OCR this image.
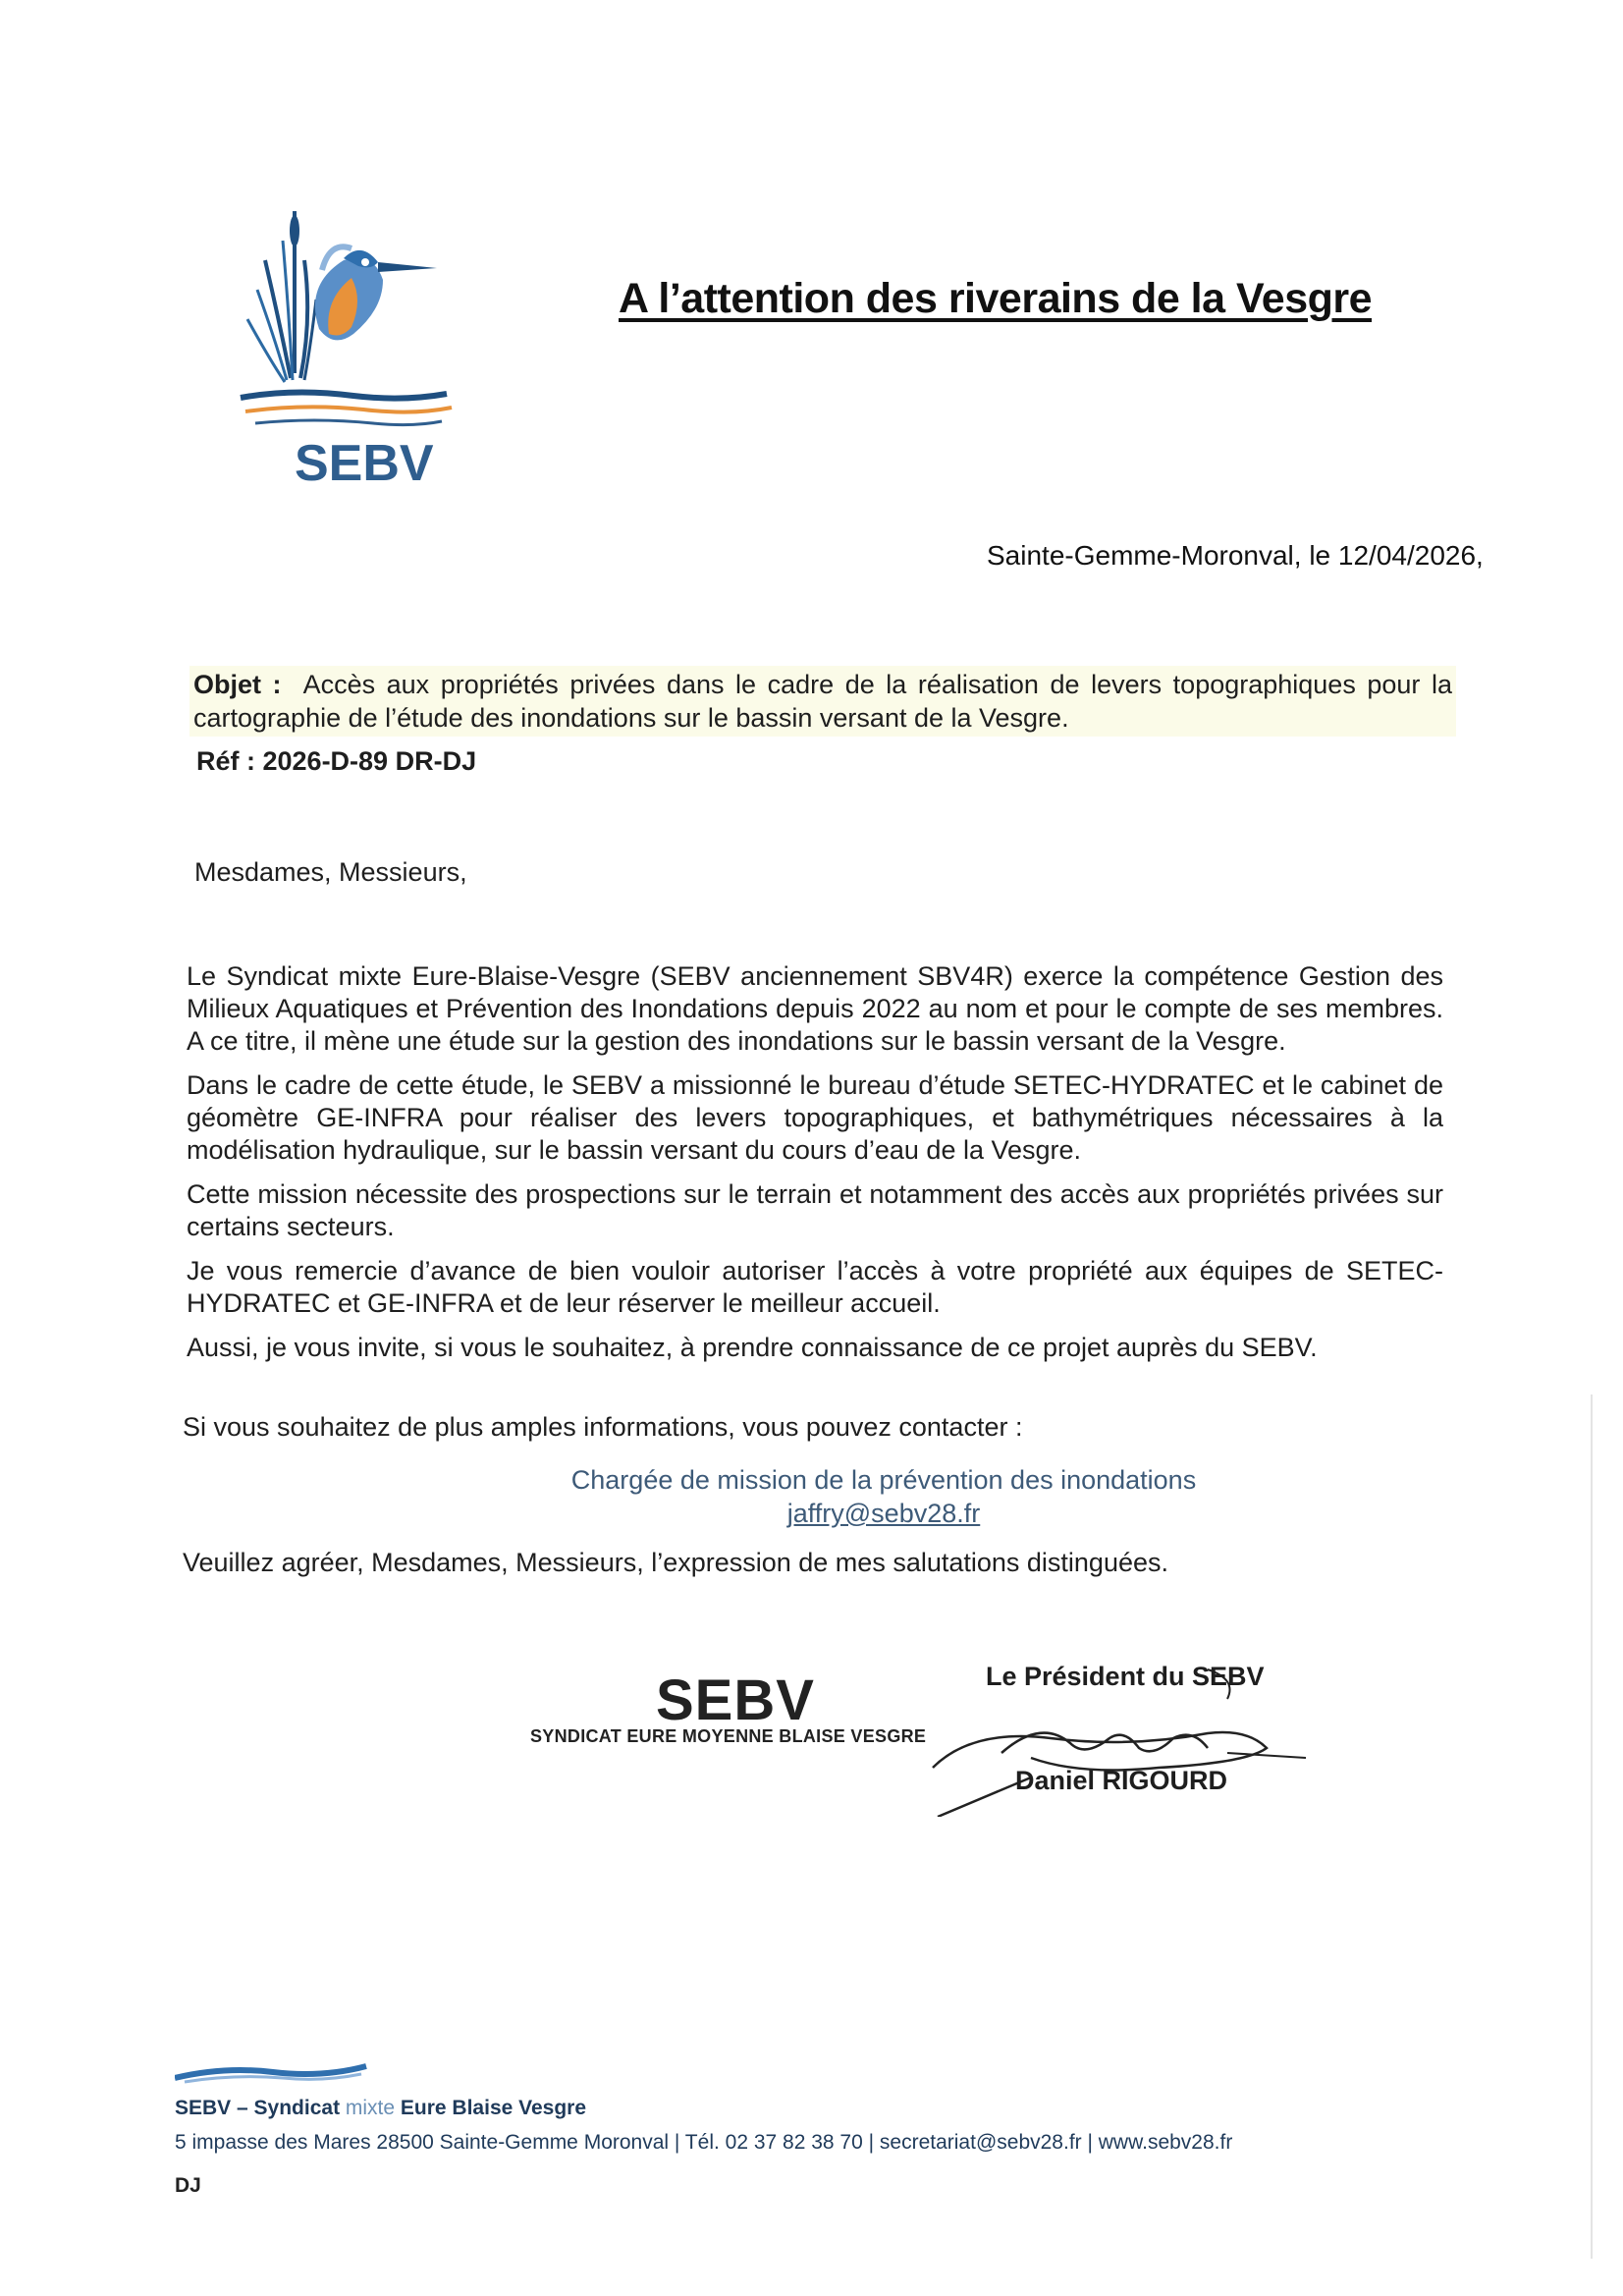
SEBV
A l’attention des riverains de la Vesgre
Sainte-Gemme-Moronval, le 12/04/2026,
Objet : Accès aux propriétés privées dans le cadre de la réalisation de levers topographiques pour la cartographie de l’étude des inondations sur le bassin versant de la Vesgre.
Réf : 2026-D-89 DR-DJ
Mesdames, Messieurs,

Le Syndicat mixte Eure-Blaise-Vesgre (SEBV anciennement SBV4R) exerce la compétence Gestion des Milieux Aquatiques et Prévention des Inondations depuis 2022 au nom et pour le compte de ses membres. A ce titre, il mène une étude sur la gestion des inondations sur le bassin versant de la Vesgre.

Dans le cadre de cette étude, le SEBV a missionné le bureau d’étude SETEC-HYDRATEC et le cabinet de géomètre GE-INFRA pour réaliser des levers topographiques, et bathymétriques nécessaires à la modélisation hydraulique, sur le bassin versant du cours d’eau de la Vesgre.

Cette mission nécessite des prospections sur le terrain et notamment des accès aux propriétés privées sur certains secteurs.

Je vous remercie d’avance de bien vouloir autoriser l’accès à votre propriété aux équipes de SETEC-HYDRATEC et GE-INFRA et de leur réserver le meilleur accueil.

Aussi, je vous invite, si vous le souhaitez, à prendre connaissance de ce projet auprès du SEBV.

Si vous souhaitez de plus amples informations, vous pouvez contacter :
Chargée de mission de la prévention des inondations
jaffry@sebv28.fr
Veuillez agréer, Mesdames, Messieurs, l’expression de mes salutations distinguées.
SEBV
SYNDICAT EURE MOYENNE BLAISE VESGRE
Le Président du SEBV
Daniel RIGOURD
SEBV – Syndicat mixte Eure Blaise Vesgre
5 impasse des Mares 28500 Sainte-Gemme Moronval | Tél. 02 37 82 38 70 | secretariat@sebv28.fr | www.sebv28.fr
DJ
